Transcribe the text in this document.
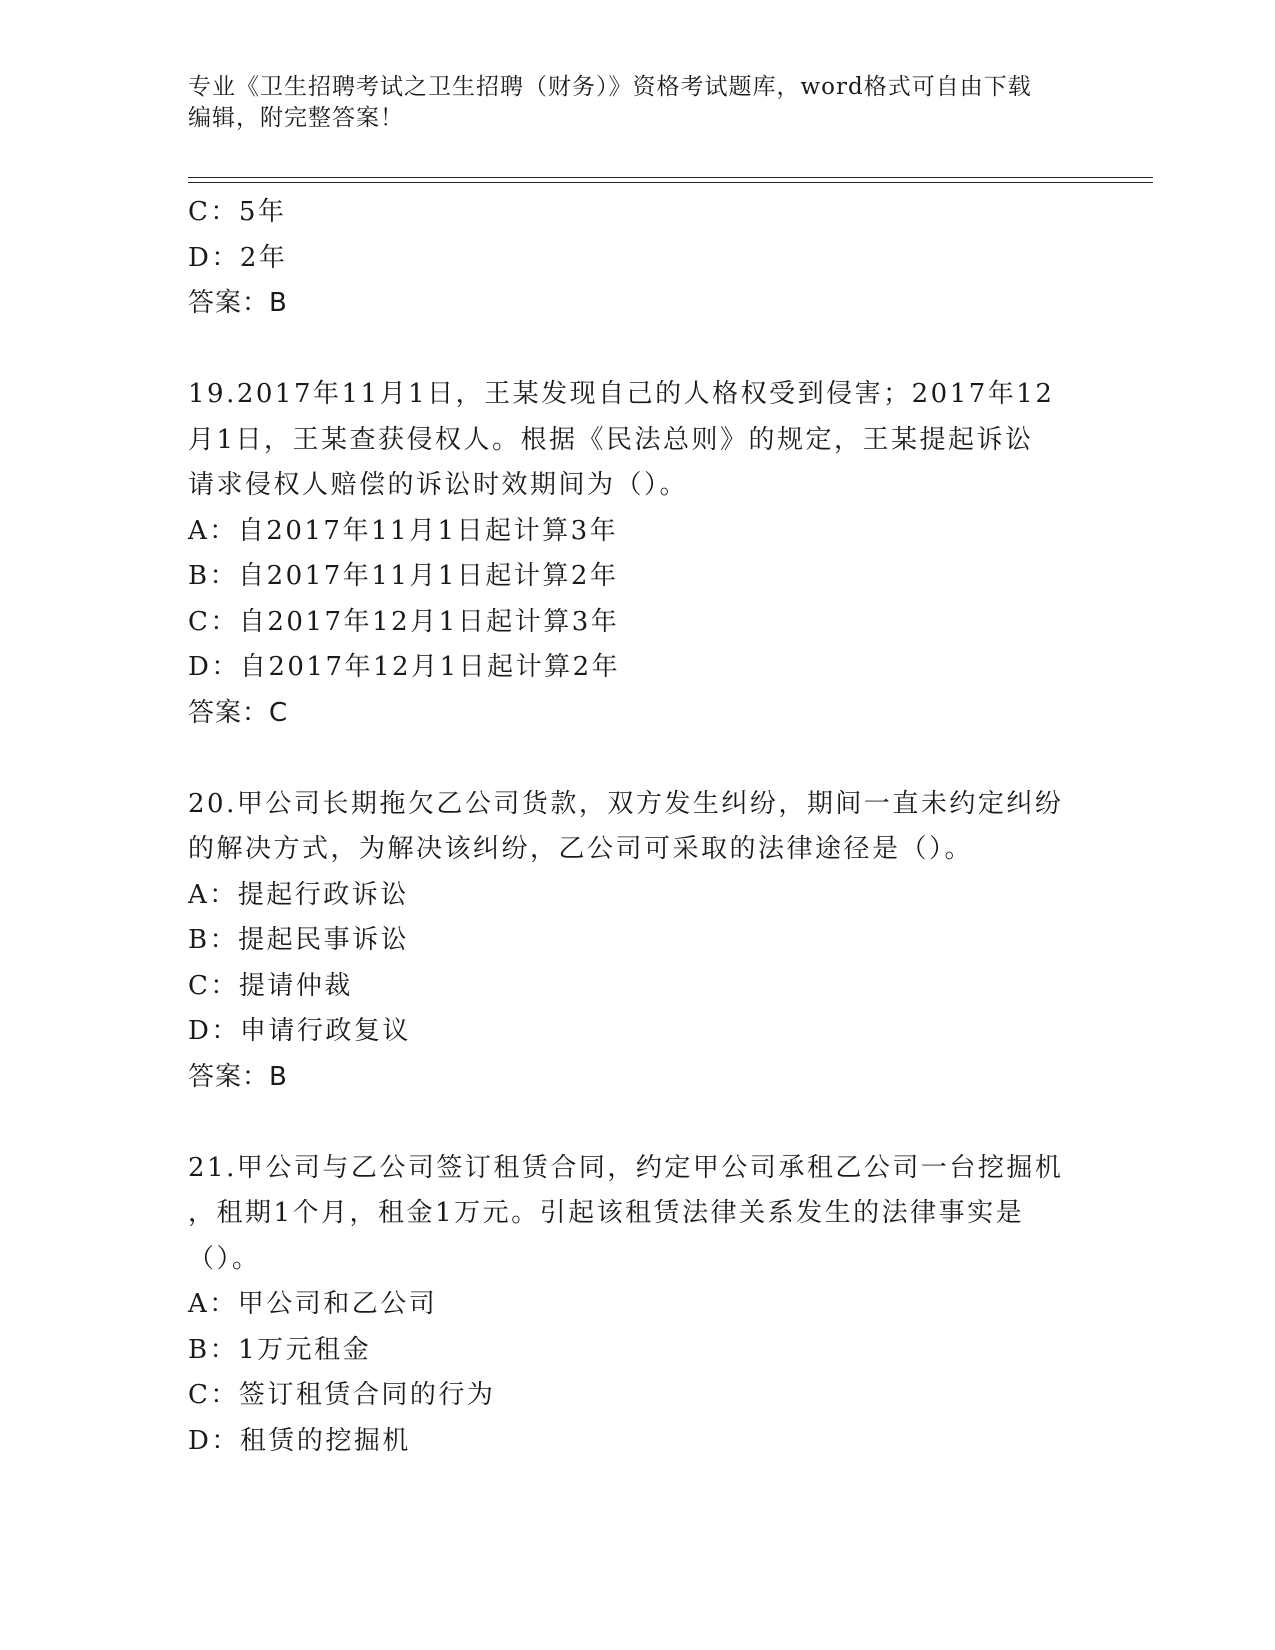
专业《卫生招聘考试之卫生招聘（财务）》资格考试题库，word格式可自由下载
编辑，附完整答案！
C：5年
D：2年
答案：B
19.2017年11月1日，王某发现自己的人格权受到侵害；2017年12
月1日，王某查获侵权人。根据《民法总则》的规定，王某提起诉讼
请求侵权人赔偿的诉讼时效期间为（）。
A：自2017年11月1日起计算3年
B：自2017年11月1日起计算2年
C：自2017年12月1日起计算3年
D：自2017年12月1日起计算2年
答案：C
20.甲公司长期拖欠乙公司货款，双方发生纠纷，期间一直未约定纠纷
的解决方式，为解决该纠纷，乙公司可采取的法律途径是（）。
A：提起行政诉讼
B：提起民事诉讼
C：提请仲裁
D：申请行政复议
答案：B
21.甲公司与乙公司签订租赁合同，约定甲公司承租乙公司一台挖掘机
，租期1个月，租金1万元。引起该租赁法律关系发生的法律事实是
（）。
A：甲公司和乙公司
B：1万元租金
C：签订租赁合同的行为
D：租赁的挖掘机
